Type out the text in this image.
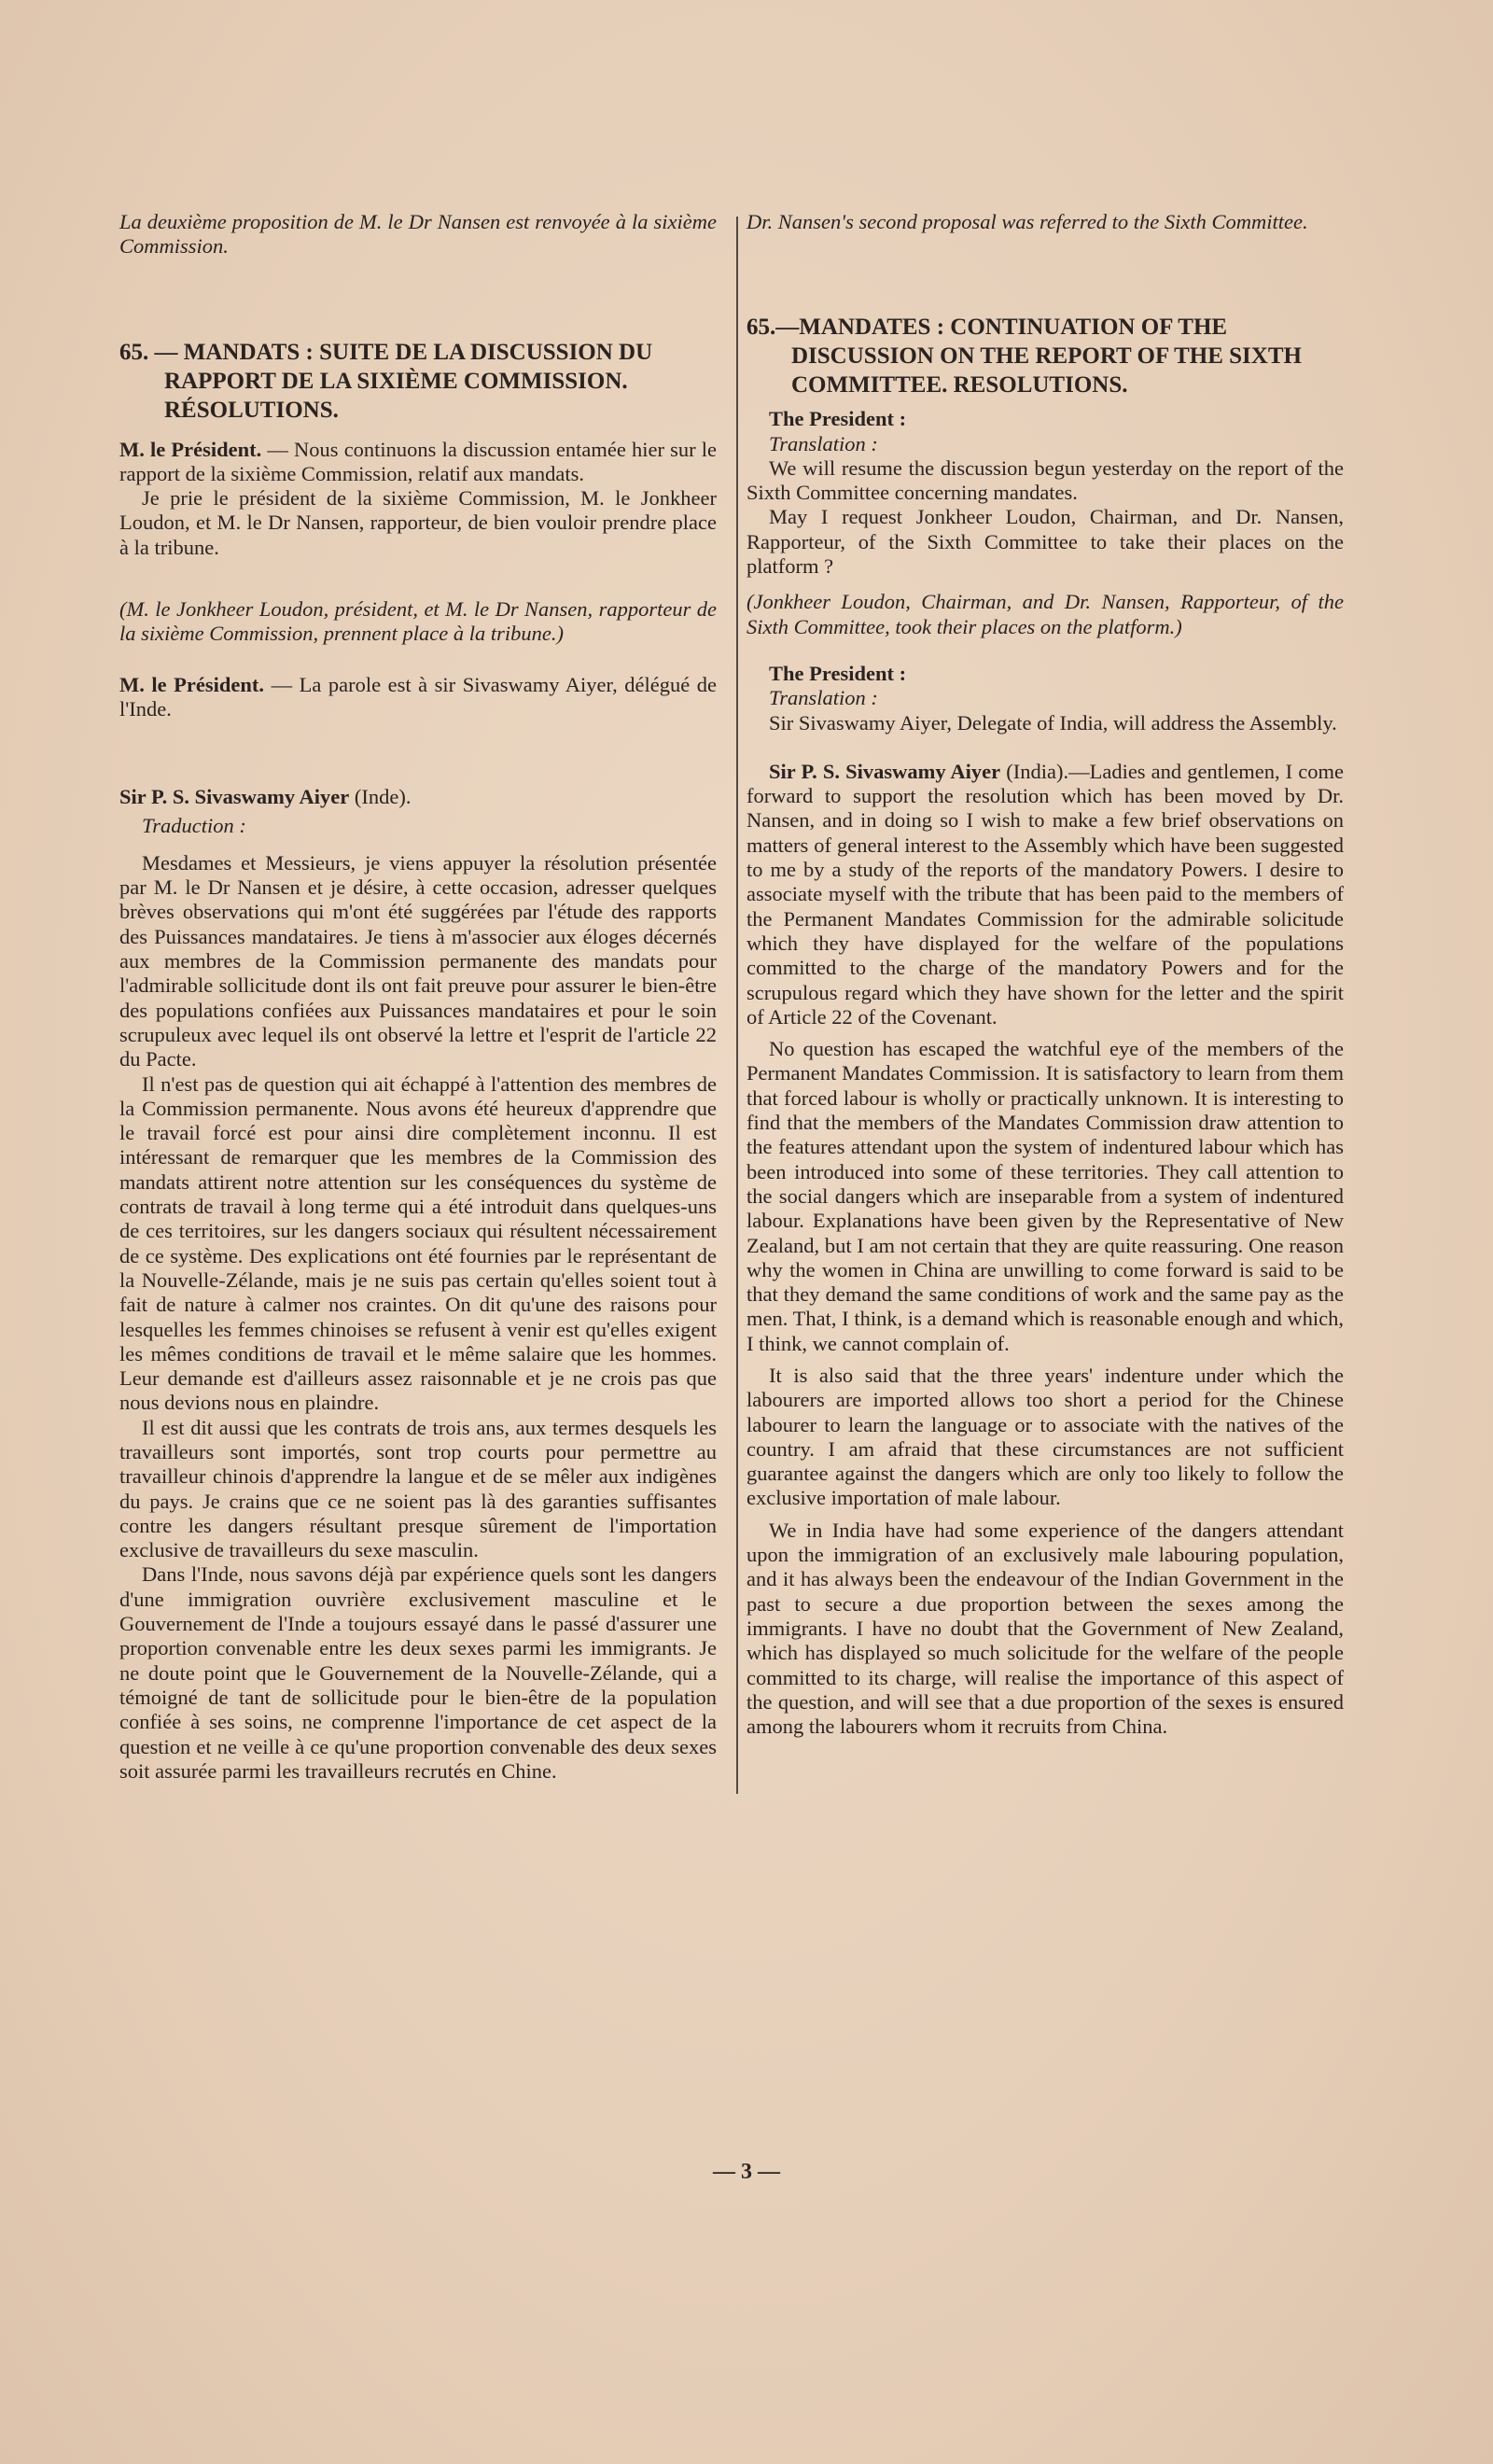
La deuxième proposition de M. le Dr Nansen est renvoyée à la sixième Commission.

65. — MANDATS : SUITE DE LA DISCUSSION DU RAPPORT DE LA SIXIÈME COMMISSION. RÉSOLUTIONS.

M. le Président. — Nous continuons la discussion entamée hier sur le rapport de la sixième Commission, relatif aux mandats.

Je prie le président de la sixième Commission, M. le Jonkheer Loudon, et M. le Dr Nansen, rapporteur, de bien vouloir prendre place à la tribune.

(M. le Jonkheer Loudon, président, et M. le Dr Nansen, rapporteur de la sixième Commission, prennent place à la tribune.)

M. le Président. — La parole est à sir Sivaswamy Aiyer, délégué de l'Inde.

Sir P. S. Sivaswamy Aiyer (Inde).

Traduction :

Mesdames et Messieurs, je viens appuyer la résolution présentée par M. le Dr Nansen et je désire, à cette occasion, adresser quelques brèves observations qui m'ont été suggérées par l'étude des rapports des Puissances mandataires. Je tiens à m'associer aux éloges décernés aux membres de la Commission permanente des mandats pour l'admirable sollicitude dont ils ont fait preuve pour assurer le bien-être des populations confiées aux Puissances mandataires et pour le soin scrupuleux avec lequel ils ont observé la lettre et l'esprit de l'article 22 du Pacte.

Il n'est pas de question qui ait échappé à l'attention des membres de la Commission permanente. Nous avons été heureux d'apprendre que le travail forcé est pour ainsi dire complètement inconnu. Il est intéressant de remarquer que les membres de la Commission des mandats attirent notre attention sur les conséquences du système de contrats de travail à long terme qui a été introduit dans quelques-uns de ces territoires, sur les dangers sociaux qui résultent nécessairement de ce système. Des explications ont été fournies par le représentant de la Nouvelle-Zélande, mais je ne suis pas certain qu'elles soient tout à fait de nature à calmer nos craintes. On dit qu'une des raisons pour lesquelles les femmes chinoises se refusent à venir est qu'elles exigent les mêmes conditions de travail et le même salaire que les hommes. Leur demande est d'ailleurs assez raisonnable et je ne crois pas que nous devions nous en plaindre.

Il est dit aussi que les contrats de trois ans, aux termes desquels les travailleurs sont importés, sont trop courts pour permettre au travailleur chinois d'apprendre la langue et de se mêler aux indigènes du pays. Je crains que ce ne soient pas là des garanties suffisantes contre les dangers résultant presque sûrement de l'importation exclusive de travailleurs du sexe masculin.

Dans l'Inde, nous savons déjà par expérience quels sont les dangers d'une immigration ouvrière exclusivement masculine et le Gouvernement de l'Inde a toujours essayé dans le passé d'assurer une proportion convenable entre les deux sexes parmi les immigrants. Je ne doute point que le Gouvernement de la Nouvelle-Zélande, qui a témoigné de tant de sollicitude pour le bien-être de la population confiée à ses soins, ne comprenne l'importance de cet aspect de la question et ne veille à ce qu'une proportion convenable des deux sexes soit assurée parmi les travailleurs recrutés en Chine.

Dr. Nansen's second proposal was referred to the Sixth Committee.

65.—MANDATES : CONTINUATION OF THE DISCUSSION ON THE REPORT OF THE SIXTH COMMITTEE. RESOLUTIONS.

The President :
Translation :

We will resume the discussion begun yesterday on the report of the Sixth Committee concerning mandates.

May I request Jonkheer Loudon, Chairman, and Dr. Nansen, Rapporteur, of the Sixth Committee to take their places on the platform ?

(Jonkheer Loudon, Chairman, and Dr. Nansen, Rapporteur, of the Sixth Committee, took their places on the platform.)

The President :
Translation :

Sir Sivaswamy Aiyer, Delegate of India, will address the Assembly.

Sir P. S. Sivaswamy Aiyer (India).—Ladies and gentlemen, I come forward to support the resolution which has been moved by Dr. Nansen, and in doing so I wish to make a few brief observations on matters of general interest to the Assembly which have been suggested to me by a study of the reports of the mandatory Powers. I desire to associate myself with the tribute that has been paid to the members of the Permanent Mandates Commission for the admirable solicitude which they have displayed for the welfare of the populations committed to the charge of the mandatory Powers and for the scrupulous regard which they have shown for the letter and the spirit of Article 22 of the Covenant.

No question has escaped the watchful eye of the members of the Permanent Mandates Commission. It is satisfactory to learn from them that forced labour is wholly or practically unknown. It is interesting to find that the members of the Mandates Commission draw attention to the features attendant upon the system of indentured labour which has been introduced into some of these territories. They call attention to the social dangers which are inseparable from a system of indentured labour. Explanations have been given by the Representative of New Zealand, but I am not certain that they are quite reassuring. One reason why the women in China are unwilling to come forward is said to be that they demand the same conditions of work and the same pay as the men. That, I think, is a demand which is reasonable enough and which, I think, we cannot complain of.

It is also said that the three years' indenture under which the labourers are imported allows too short a period for the Chinese labourer to learn the language or to associate with the natives of the country. I am afraid that these circumstances are not sufficient guarantee against the dangers which are only too likely to follow the exclusive importation of male labour.

We in India have had some experience of the dangers attendant upon the immigration of an exclusively male labouring population, and it has always been the endeavour of the Indian Government in the past to secure a due proportion between the sexes among the immigrants. I have no doubt that the Government of New Zealand, which has displayed so much solicitude for the welfare of the people committed to its charge, will realise the importance of this aspect of the question, and will see that a due proportion of the sexes is ensured among the labourers whom it recruits from China.

— 3 —
